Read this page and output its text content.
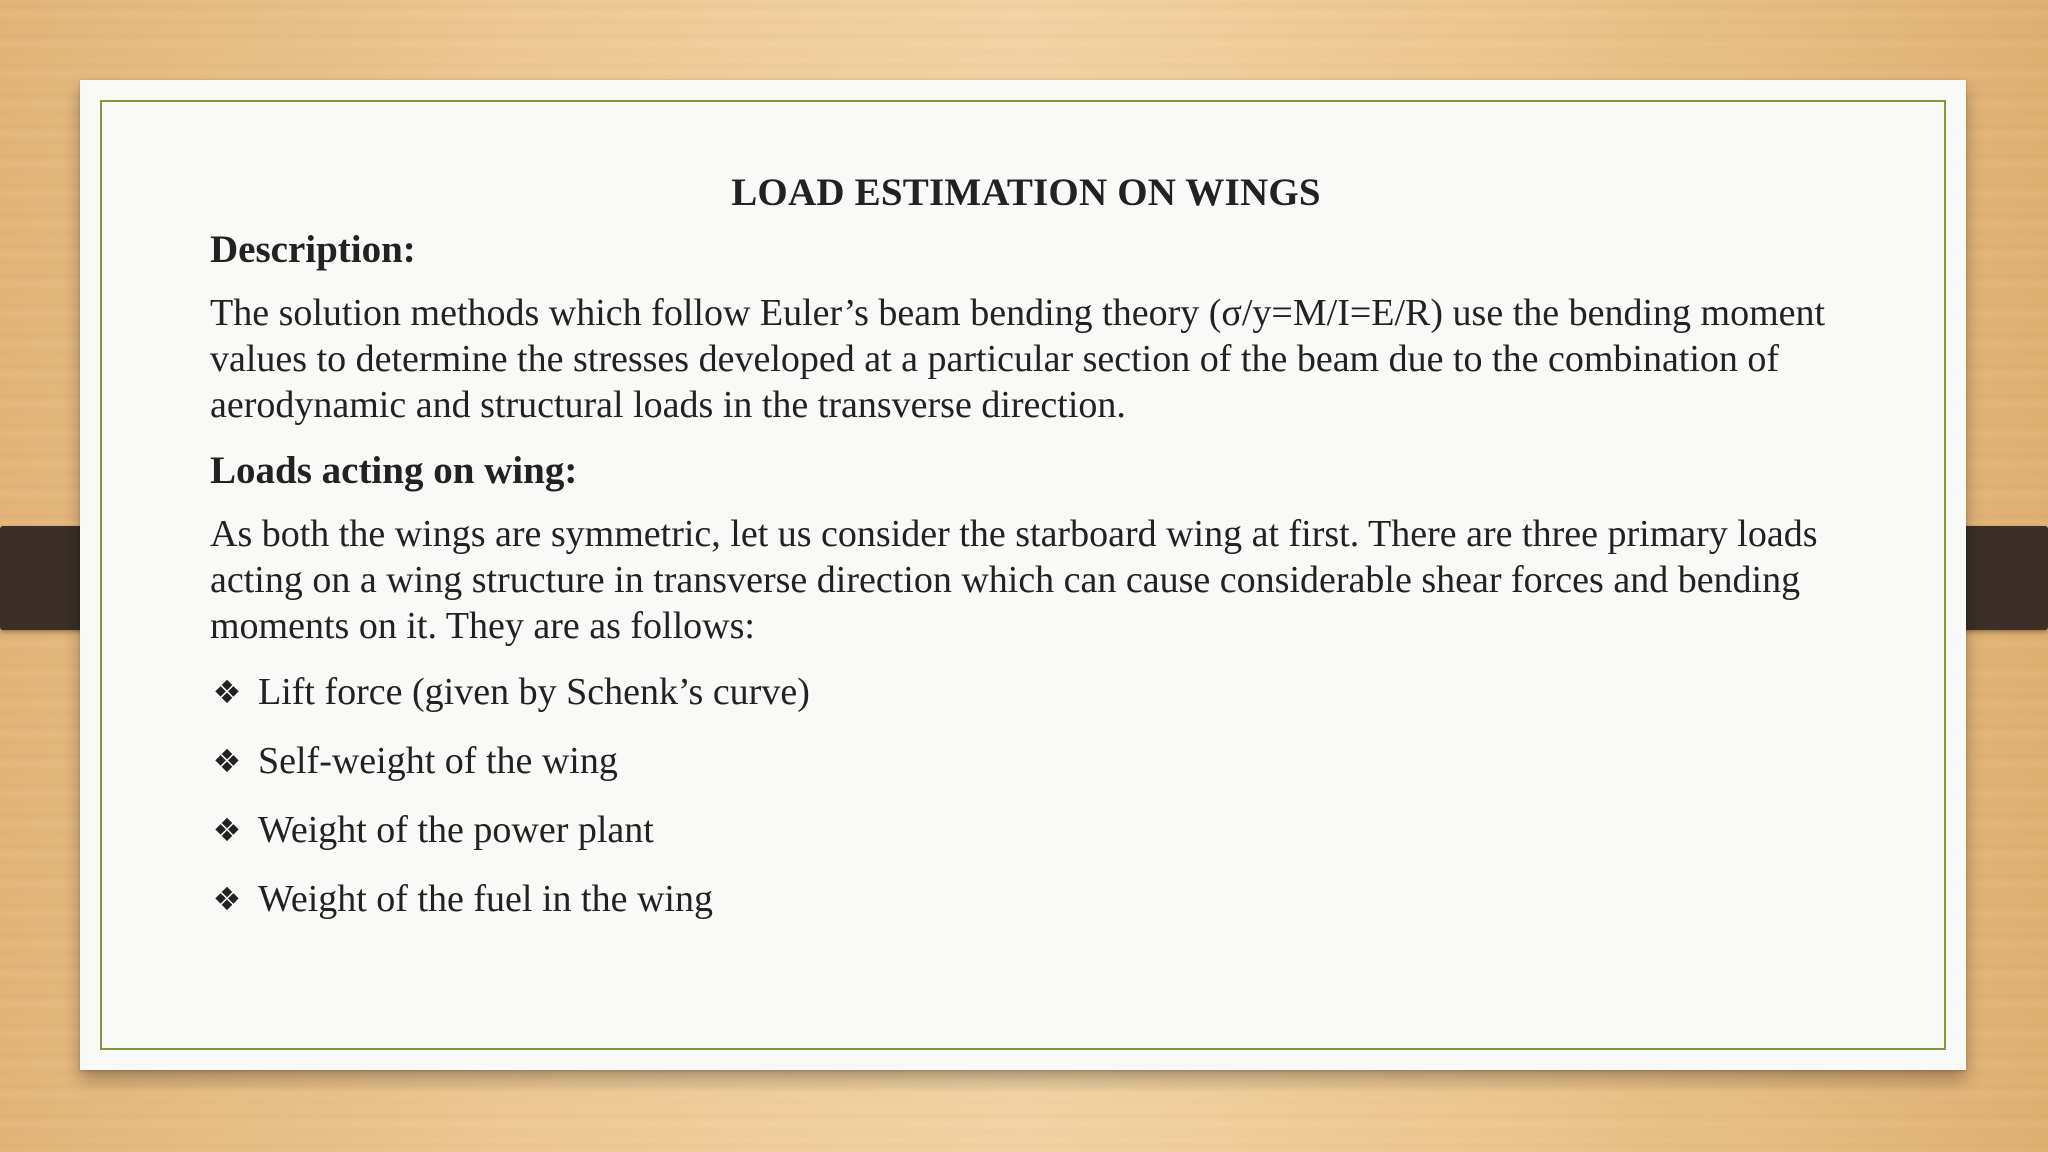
LOAD ESTIMATION ON WINGS
Description:

The solution methods which follow Euler’s beam bending theory (σ/y=M/I=E/R) use the bending moment values to determine the stresses developed at a particular section of the beam due to the combination of aerodynamic and structural loads in the transverse direction.

Loads acting on wing:

As both the wings are symmetric, let us consider the starboard wing at first. There are three primary loads acting on a wing structure in transverse direction which can cause considerable shear forces and bending moments on it. They are as follows:

❖ Lift force (given by Schenk’s curve)
❖ Self-weight of the wing
❖ Weight of the power plant
❖ Weight of the fuel in the wing
